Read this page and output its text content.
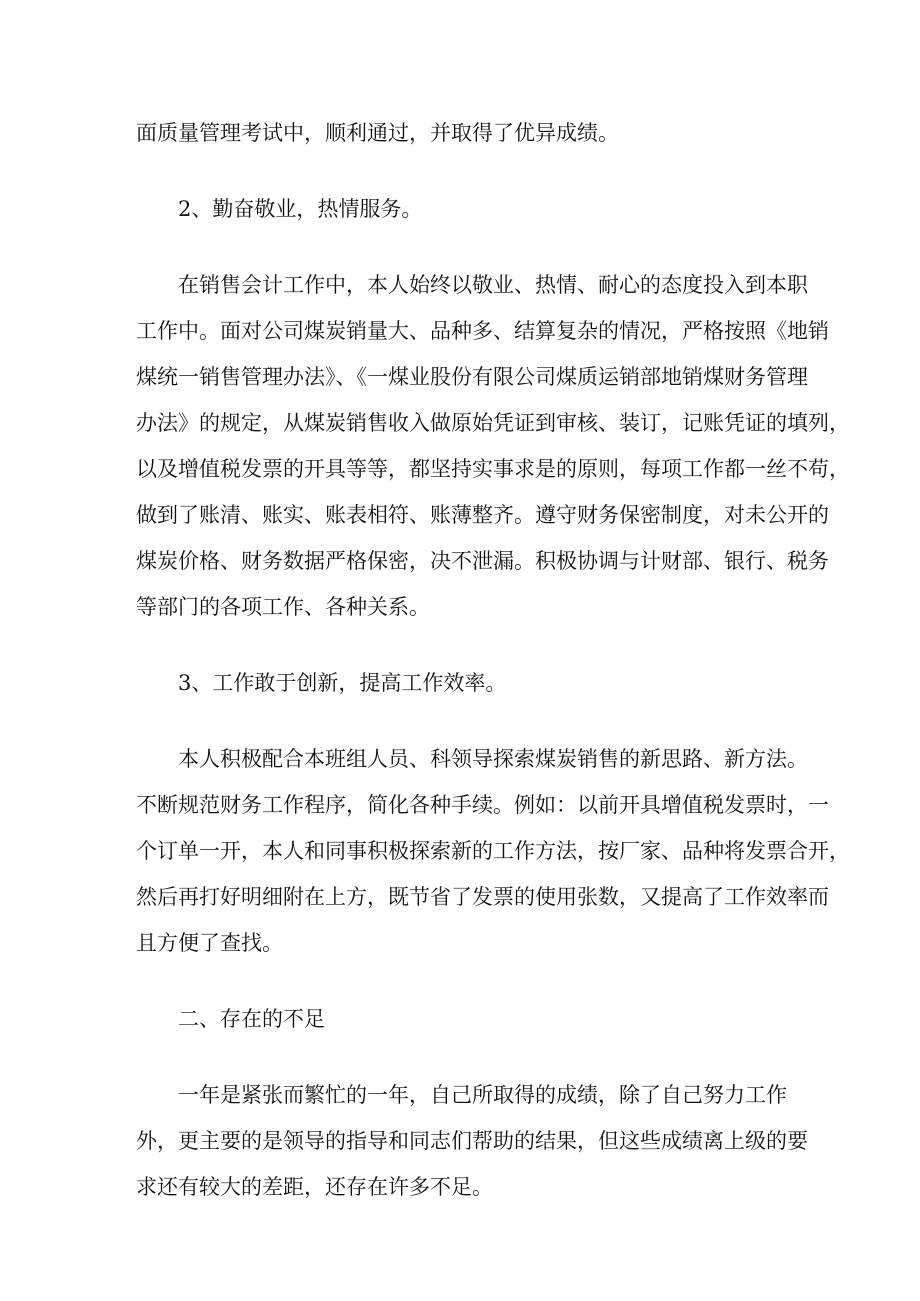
面质量管理考试中，顺利通过，并取得了优异成绩。

2、勤奋敬业，热情服务。

在销售会计工作中，本人始终以敬业、热情、耐心的态度投入到本职
工作中。面对公司煤炭销量大、品种多、结算复杂的情况，严格按照《地销
煤统一销售管理办法》、《一煤业股份有限公司煤质运销部地销煤财务管理
办法》的规定，从煤炭销售收入做原始凭证到审核、装订，记账凭证的填列，
以及增值税发票的开具等等，都坚持实事求是的原则，每项工作都一丝不苟，
做到了账清、账实、账表相符、账薄整齐。遵守财务保密制度，对未公开的
煤炭价格、财务数据严格保密，决不泄漏。积极协调与计财部、银行、税务
等部门的各项工作、各种关系。

3、工作敢于创新，提高工作效率。

本人积极配合本班组人员、科领导探索煤炭销售的新思路、新方法。
不断规范财务工作程序，简化各种手续。例如：以前开具增值税发票时，一
个订单一开，本人和同事积极探索新的工作方法，按厂家、品种将发票合开，
然后再打好明细附在上方，既节省了发票的使用张数，又提高了工作效率而
且方便了查找。

二、存在的不足

一年是紧张而繁忙的一年，自己所取得的成绩，除了自己努力工作
外，更主要的是领导的指导和同志们帮助的结果，但这些成绩离上级的要
求还有较大的差距，还存在许多不足。
